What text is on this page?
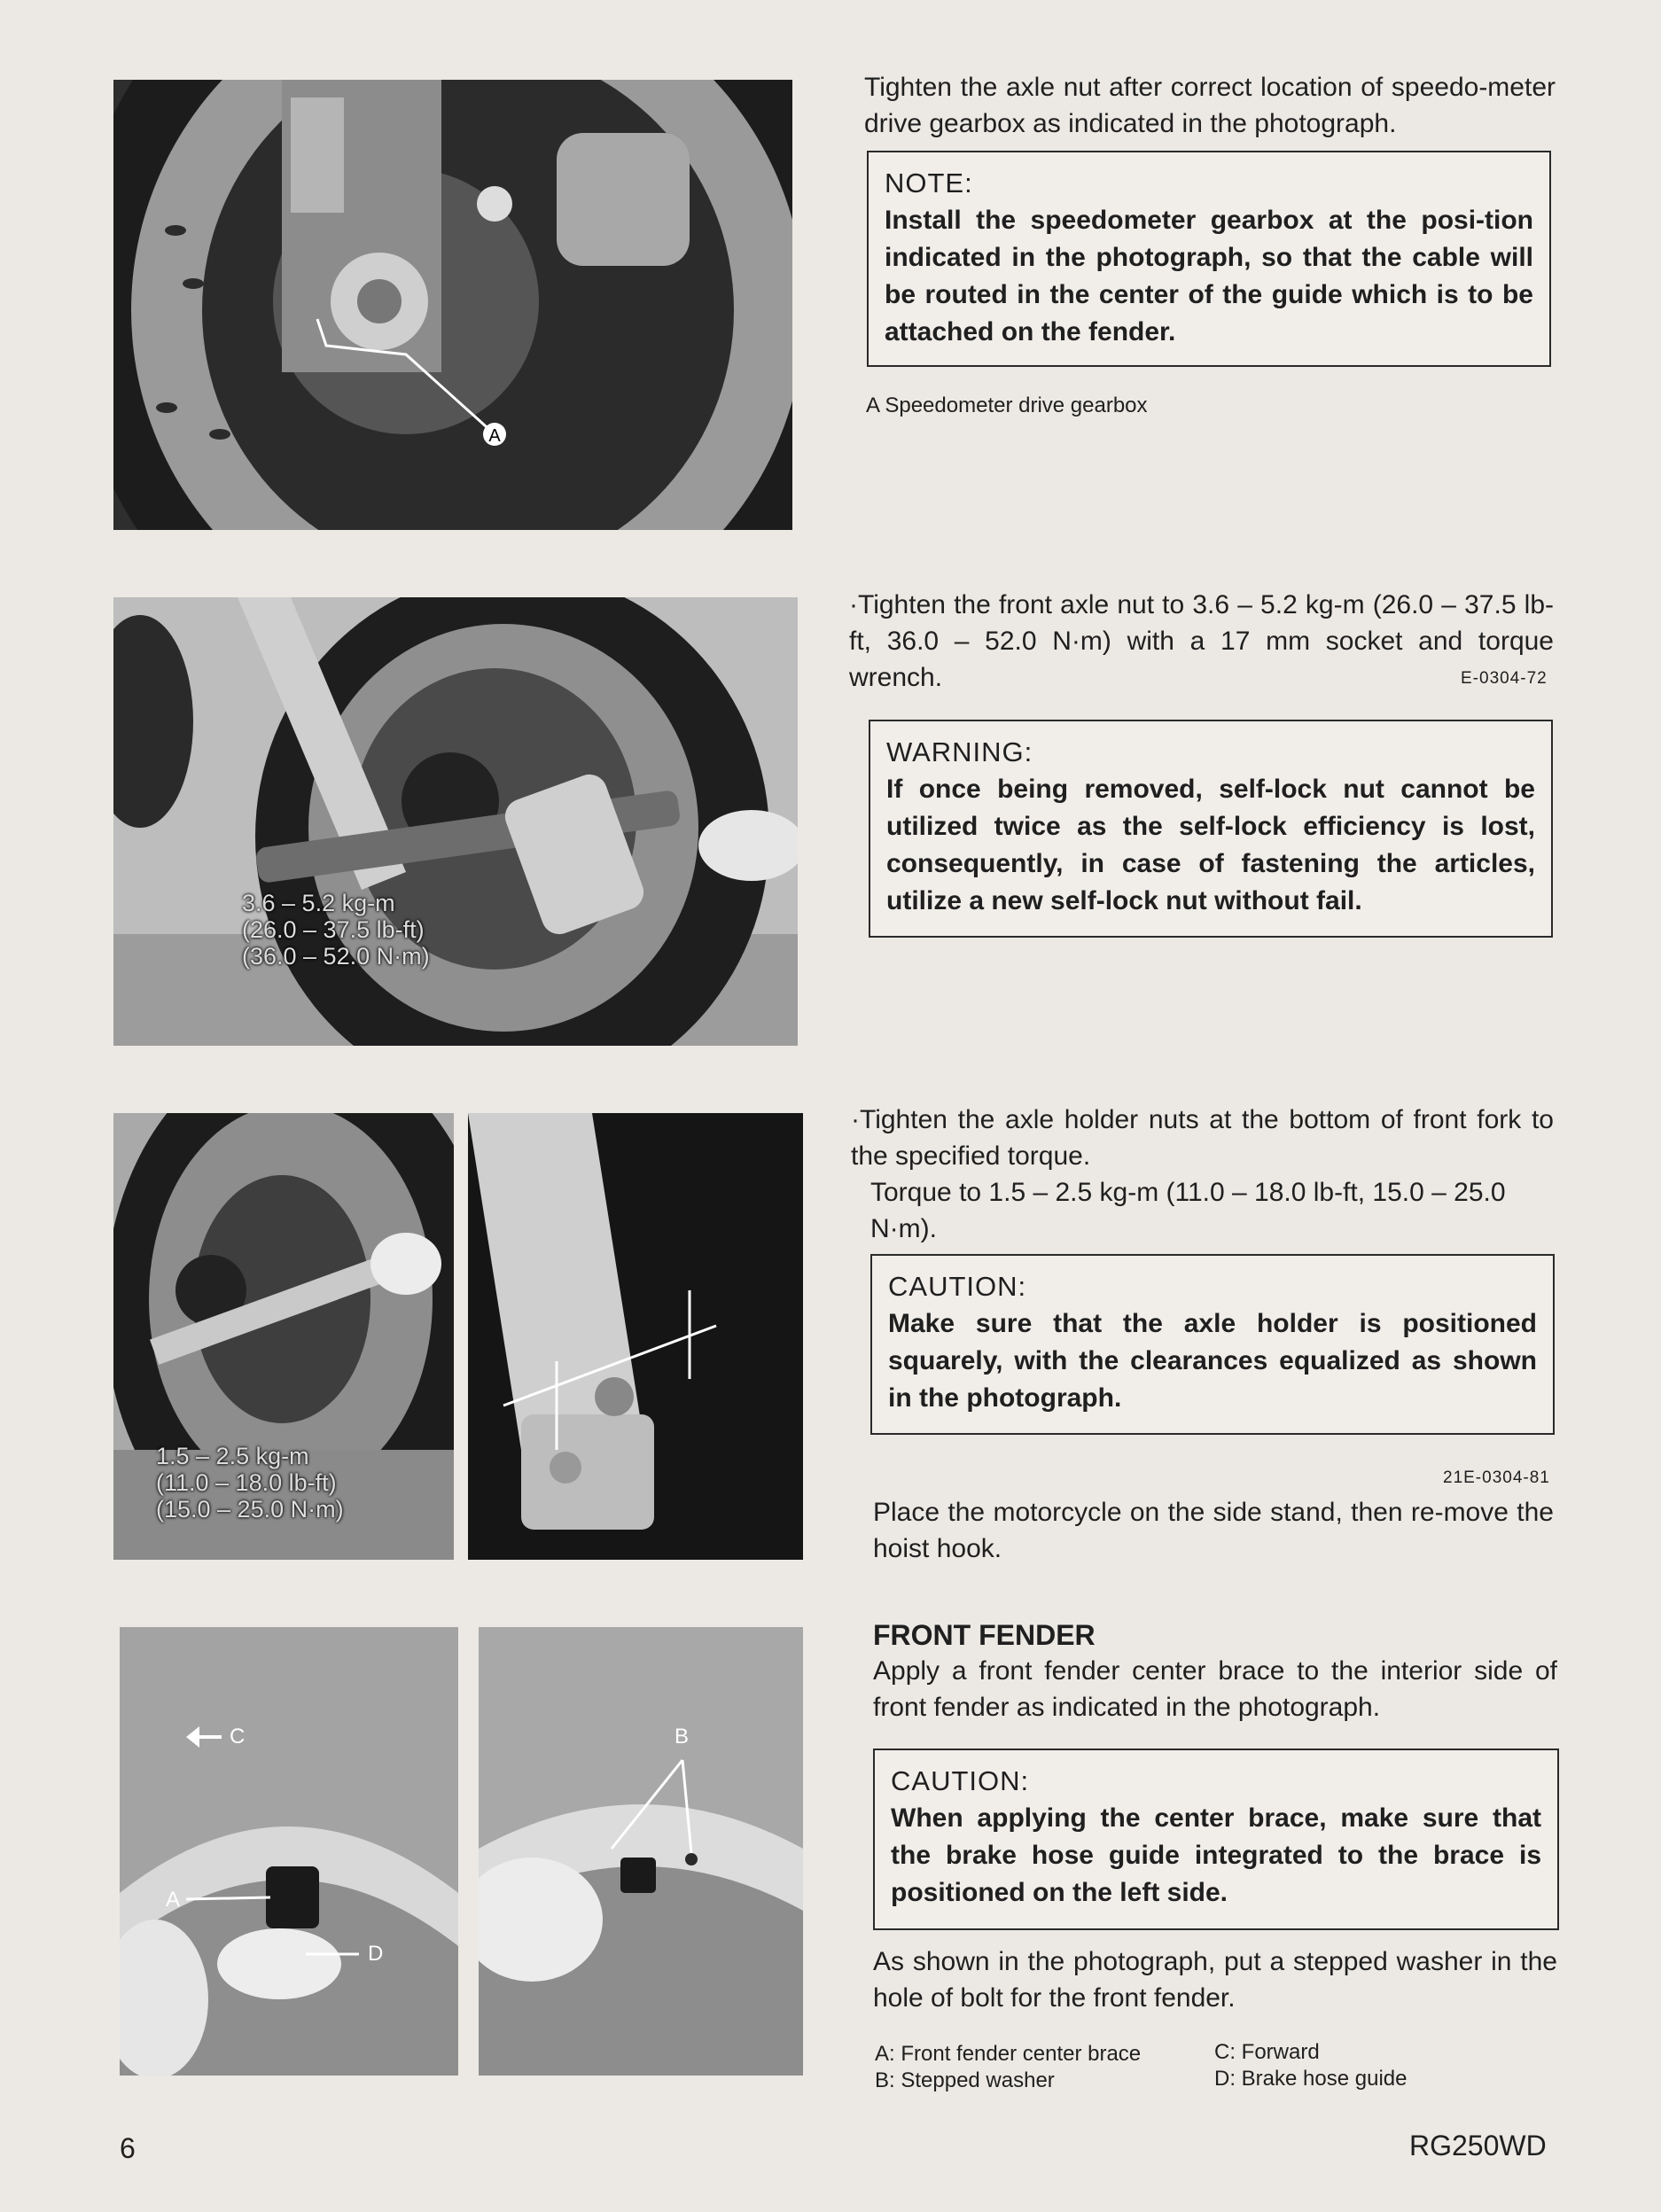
A
Tighten the axle nut after correct location of speedo-meter drive gearbox as indicated in the photograph.
NOTE:
Install the speedometer gearbox at the posi-tion indicated in the photograph, so that the cable will be routed in the center of the guide which is to be attached on the fender.
A Speedometer drive gearbox
3.6 – 5.2 kg-m
(26.0 – 37.5 lb-ft)
(36.0 – 52.0 N·m)
·Tighten the front axle nut to 3.6 – 5.2 kg-m (26.0 – 37.5 lb-ft, 36.0 – 52.0 N·m) with a 17 mm socket and torque wrench.	E-0304-72
WARNING:
If once being removed, self-lock nut cannot be utilized twice as the self-lock efficiency is lost, consequently, in case of fastening the articles, utilize a new self-lock nut without fail.
1.5 – 2.5 kg-m
(11.0 – 18.0 lb-ft)
(15.0 – 25.0 N·m)
·Tighten the axle holder nuts at the bottom of front fork to the specified torque.
Torque to 1.5 – 2.5 kg-m (11.0 – 18.0 lb-ft, 15.0 – 25.0 N·m).
CAUTION:
Make sure that the axle holder is positioned squarely, with the clearances equalized as shown in the photograph.
21E-0304-81
Place the motorcycle on the side stand, then re-move the hoist hook.
C
A
D
B
FRONT FENDER
Apply a front fender center brace to the interior side of front fender as indicated in the photograph.
CAUTION:
When applying the center brace, make sure that the brake hose guide integrated to the brace is positioned on the left side.
As shown in the photograph, put a stepped washer in the hole of bolt for the front fender.
A: Front fender center brace
B: Stepped washer
C: Forward
D: Brake hose guide
6	RG250WD
